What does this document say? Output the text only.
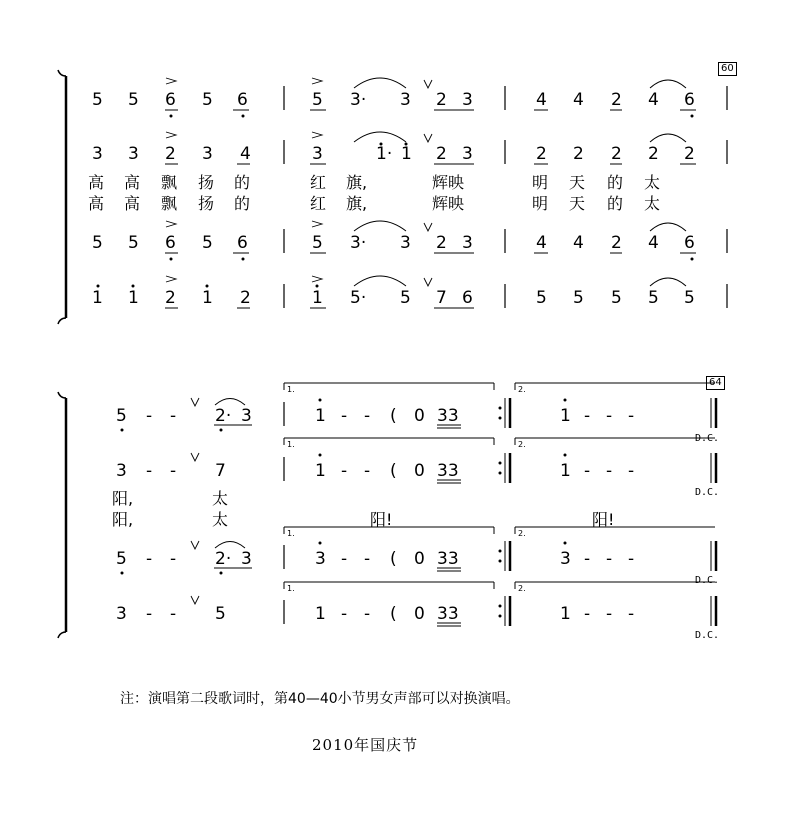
60
64
5 5 6 5 6	5 3· 3 2 3	4 4 2 4 6
3 3 2 3 4	3	1· 1 2 3	2 2 2 2 2
高 高 飘 扬 的	红 旗,	辉映	明 天 的 太
高 高 飘 扬 的	红 旗,	辉映	明 天 的 太
5 5 6 5 6	5 3· 3 2 3	4 4 2 4 6
1 1 2 1 2	1 5· 5 7 6	5 5 5 5 5
1.	2.
1.	2.
1.	2.
1.	2.
5 - - 2· 3	1 - - ( 0 33	1 - - -
D.C.
3 - - 7	1 - - ( 0 33	1 - - -
D.C.
阳,	太
阳,	太	阳!	阳!
5 - - 2· 3	3 - - ( 0 33	3 - - -
D.C.
3 - - 5	1 - - ( 0 33	1 - - -
D.C.
注：演唱第二段歌词时，第40—40小节男女声部可以对换演唱。
2010年国庆节
